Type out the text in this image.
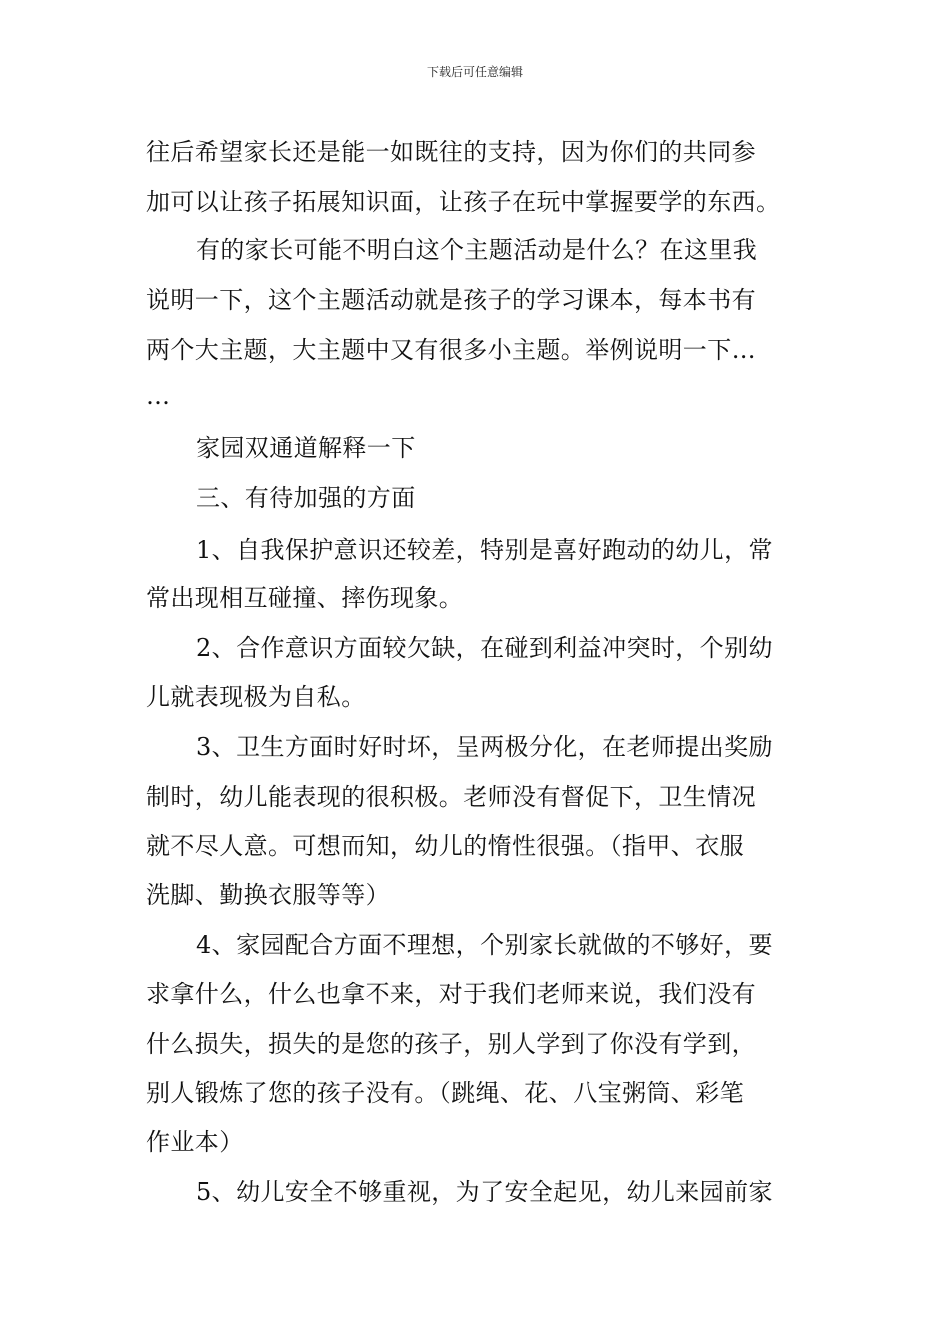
下载后可任意编辑
往后希望家长还是能一如既往的支持，因为你们的共同参
加可以让孩子拓展知识面，让孩子在玩中掌握要学的东西。
有的家长可能不明白这个主题活动是什么？在这里我
说明一下，这个主题活动就是孩子的学习课本，每本书有
两个大主题，大主题中又有很多小主题。举例说明一下…
…
家园双通道解释一下
三、有待加强的方面
1、自我保护意识还较差，特别是喜好跑动的幼儿，常
常出现相互碰撞、摔伤现象。
2、合作意识方面较欠缺，在碰到利益冲突时，个别幼
儿就表现极为自私。
3、卫生方面时好时坏，呈两极分化，在老师提出奖励
制时，幼儿能表现的很积极。老师没有督促下，卫生情况
就不尽人意。可想而知，幼儿的惰性很强。（指甲、衣服
洗脚、勤换衣服等等）
4、家园配合方面不理想，个别家长就做的不够好，要
求拿什么，什么也拿不来，对于我们老师来说，我们没有
什么损失，损失的是您的孩子，别人学到了你没有学到，
别人锻炼了您的孩子没有。（跳绳、花、八宝粥筒、彩笔
作业本）
5、幼儿安全不够重视，为了安全起见，幼儿来园前家
